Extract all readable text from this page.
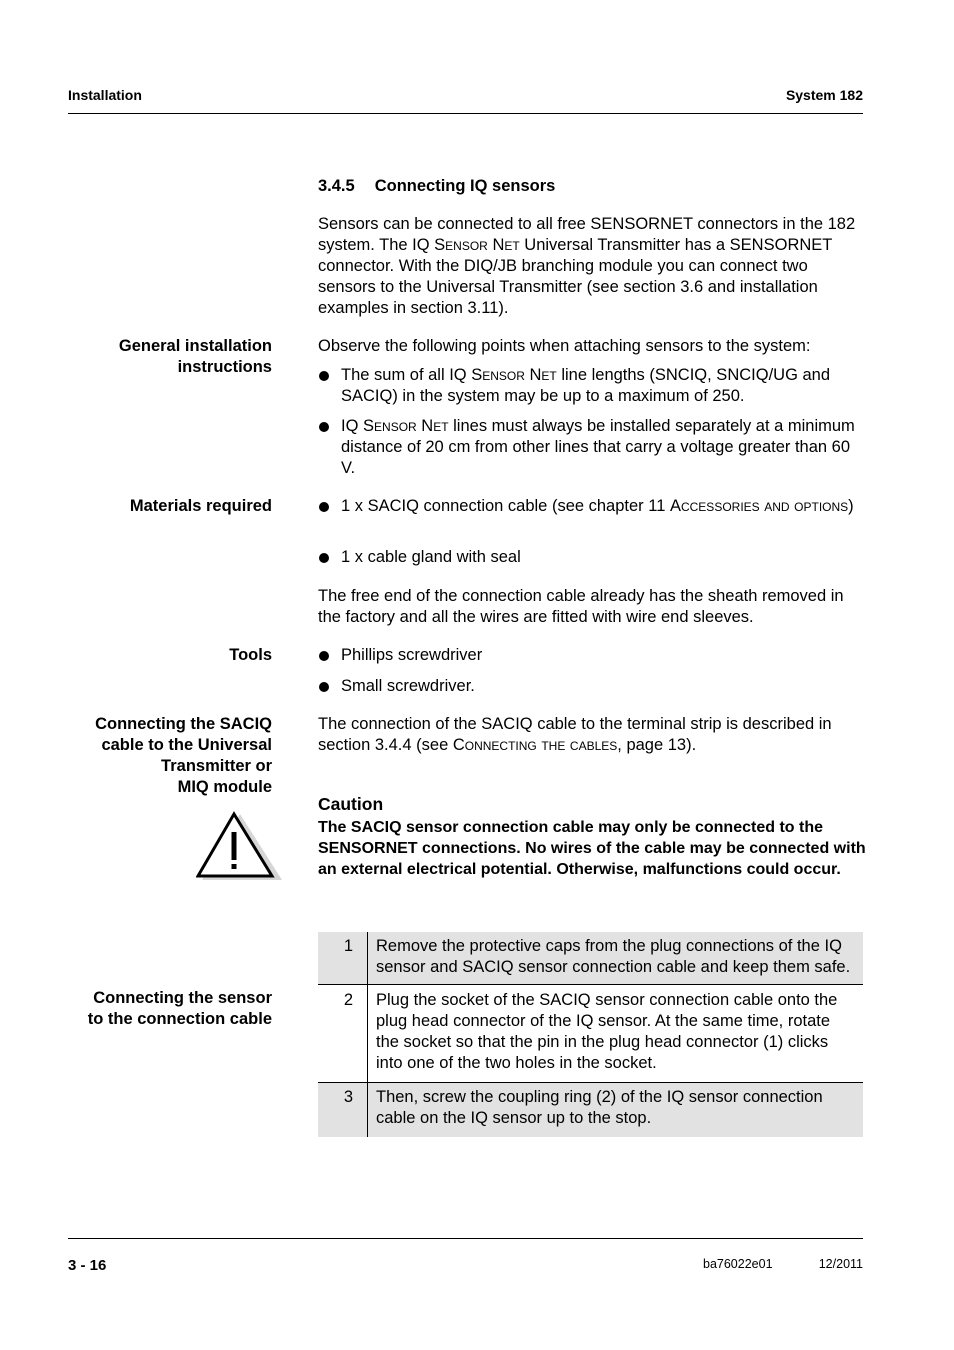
Installation	System 182
3.4.5 Connecting IQ sensors
Sensors can be connected to all free SENSORNET connectors in the 182 system. The IQ Sensor Net Universal Transmitter has a SENSORNET connector. With the DIQ/JB branching module you can connect two sensors to the Universal Transmitter (see section 3.6 and installation examples in section 3.11).
General installation
instructions
Observe the following points when attaching sensors to the system:
The sum of all IQ Sensor Net line lengths (SNCIQ, SNCIQ/UG and SACIQ) in the system may be up to a maximum of 250.
IQ Sensor Net lines must always be installed separately at a minimum distance of 20 cm from other lines that carry a voltage greater than 60 V.
Materials required	1 x SACIQ connection cable (see chapter 11 Accessories and options)
1 x cable gland with seal
The free end of the connection cable already has the sheath removed in the factory and all the wires are fitted with wire end sleeves.
Tools	Phillips screwdriver
Small screwdriver.
Connecting the SACIQ
cable to the Universal
Transmitter or
MIQ module
The connection of the SACIQ cable to the terminal strip is described in section 3.4.4 (see Connecting the cables, page 13).
Caution
The SACIQ sensor connection cable may only be connected to the SENSORNET connections. No wires of the cable may be connected with an external electrical potential. Otherwise, malfunctions could occur.
Connecting the sensor
to the connection cable
1	Remove the protective caps from the plug connections of the IQ sensor and SACIQ sensor connection cable and keep them safe.
2	Plug the socket of the SACIQ sensor connection cable onto the plug head connector of the IQ sensor. At the same time, rotate the socket so that the pin in the plug head connector (1) clicks into one of the two holes in the socket.
3	Then, screw the coupling ring (2) of the IQ sensor connection cable on the IQ sensor up to the stop.
3 - 16	ba76022e01	12/2011
